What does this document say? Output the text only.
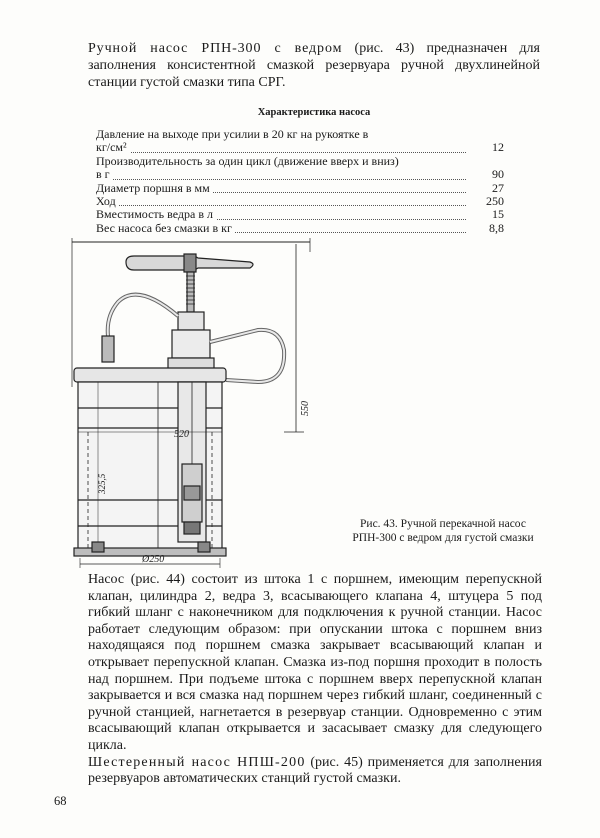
Ручной насос РПН-300 с ведром (рис. 43) предназначен для заполнения консистентной смазкой резервуара ручной двухлинейной станции густой смазки типа СРГ.
Характеристика насоса
Давление на выходе при усилии в 20 кг на рукоятке в
кг/см²	12
Производительность за один цикл (движение вверх и вниз)
в г	90
Диаметр поршня в мм	27
Ход	250
Вместимость ведра в л	15
Вес насоса без смазки в кг	8,8
520
550
325,5
Ø250
Рис. 43. Ручной перекачной насос РПН-300 с ведром для густой смазки
Насос (рис. 44) состоит из штока 1 с поршнем, имеющим перепускной клапан, цилиндра 2, ведра 3, всасывающего клапана 4, штуцера 5 под гибкий шланг с наконечником для подключения к ручной станции. Насос работает следующим образом: при опускании штока с поршнем вниз находящаяся под поршнем смазка закрывает всасывающий клапан и открывает перепускной клапан. Смазка из-под поршня проходит в полость над поршнем. При подъеме штока с поршнем вверх перепускной клапан закрывается и вся смазка над поршнем через гибкий шланг, соединенный с ручной станцией, нагнетается в резервуар станции. Одновременно с этим всасывающий клапан открывается и засасывает смазку для следующего цикла.
Шестеренный насос НПШ-200 (рис. 45) применяется для заполнения резервуаров автоматических станций густой смазки.
68
